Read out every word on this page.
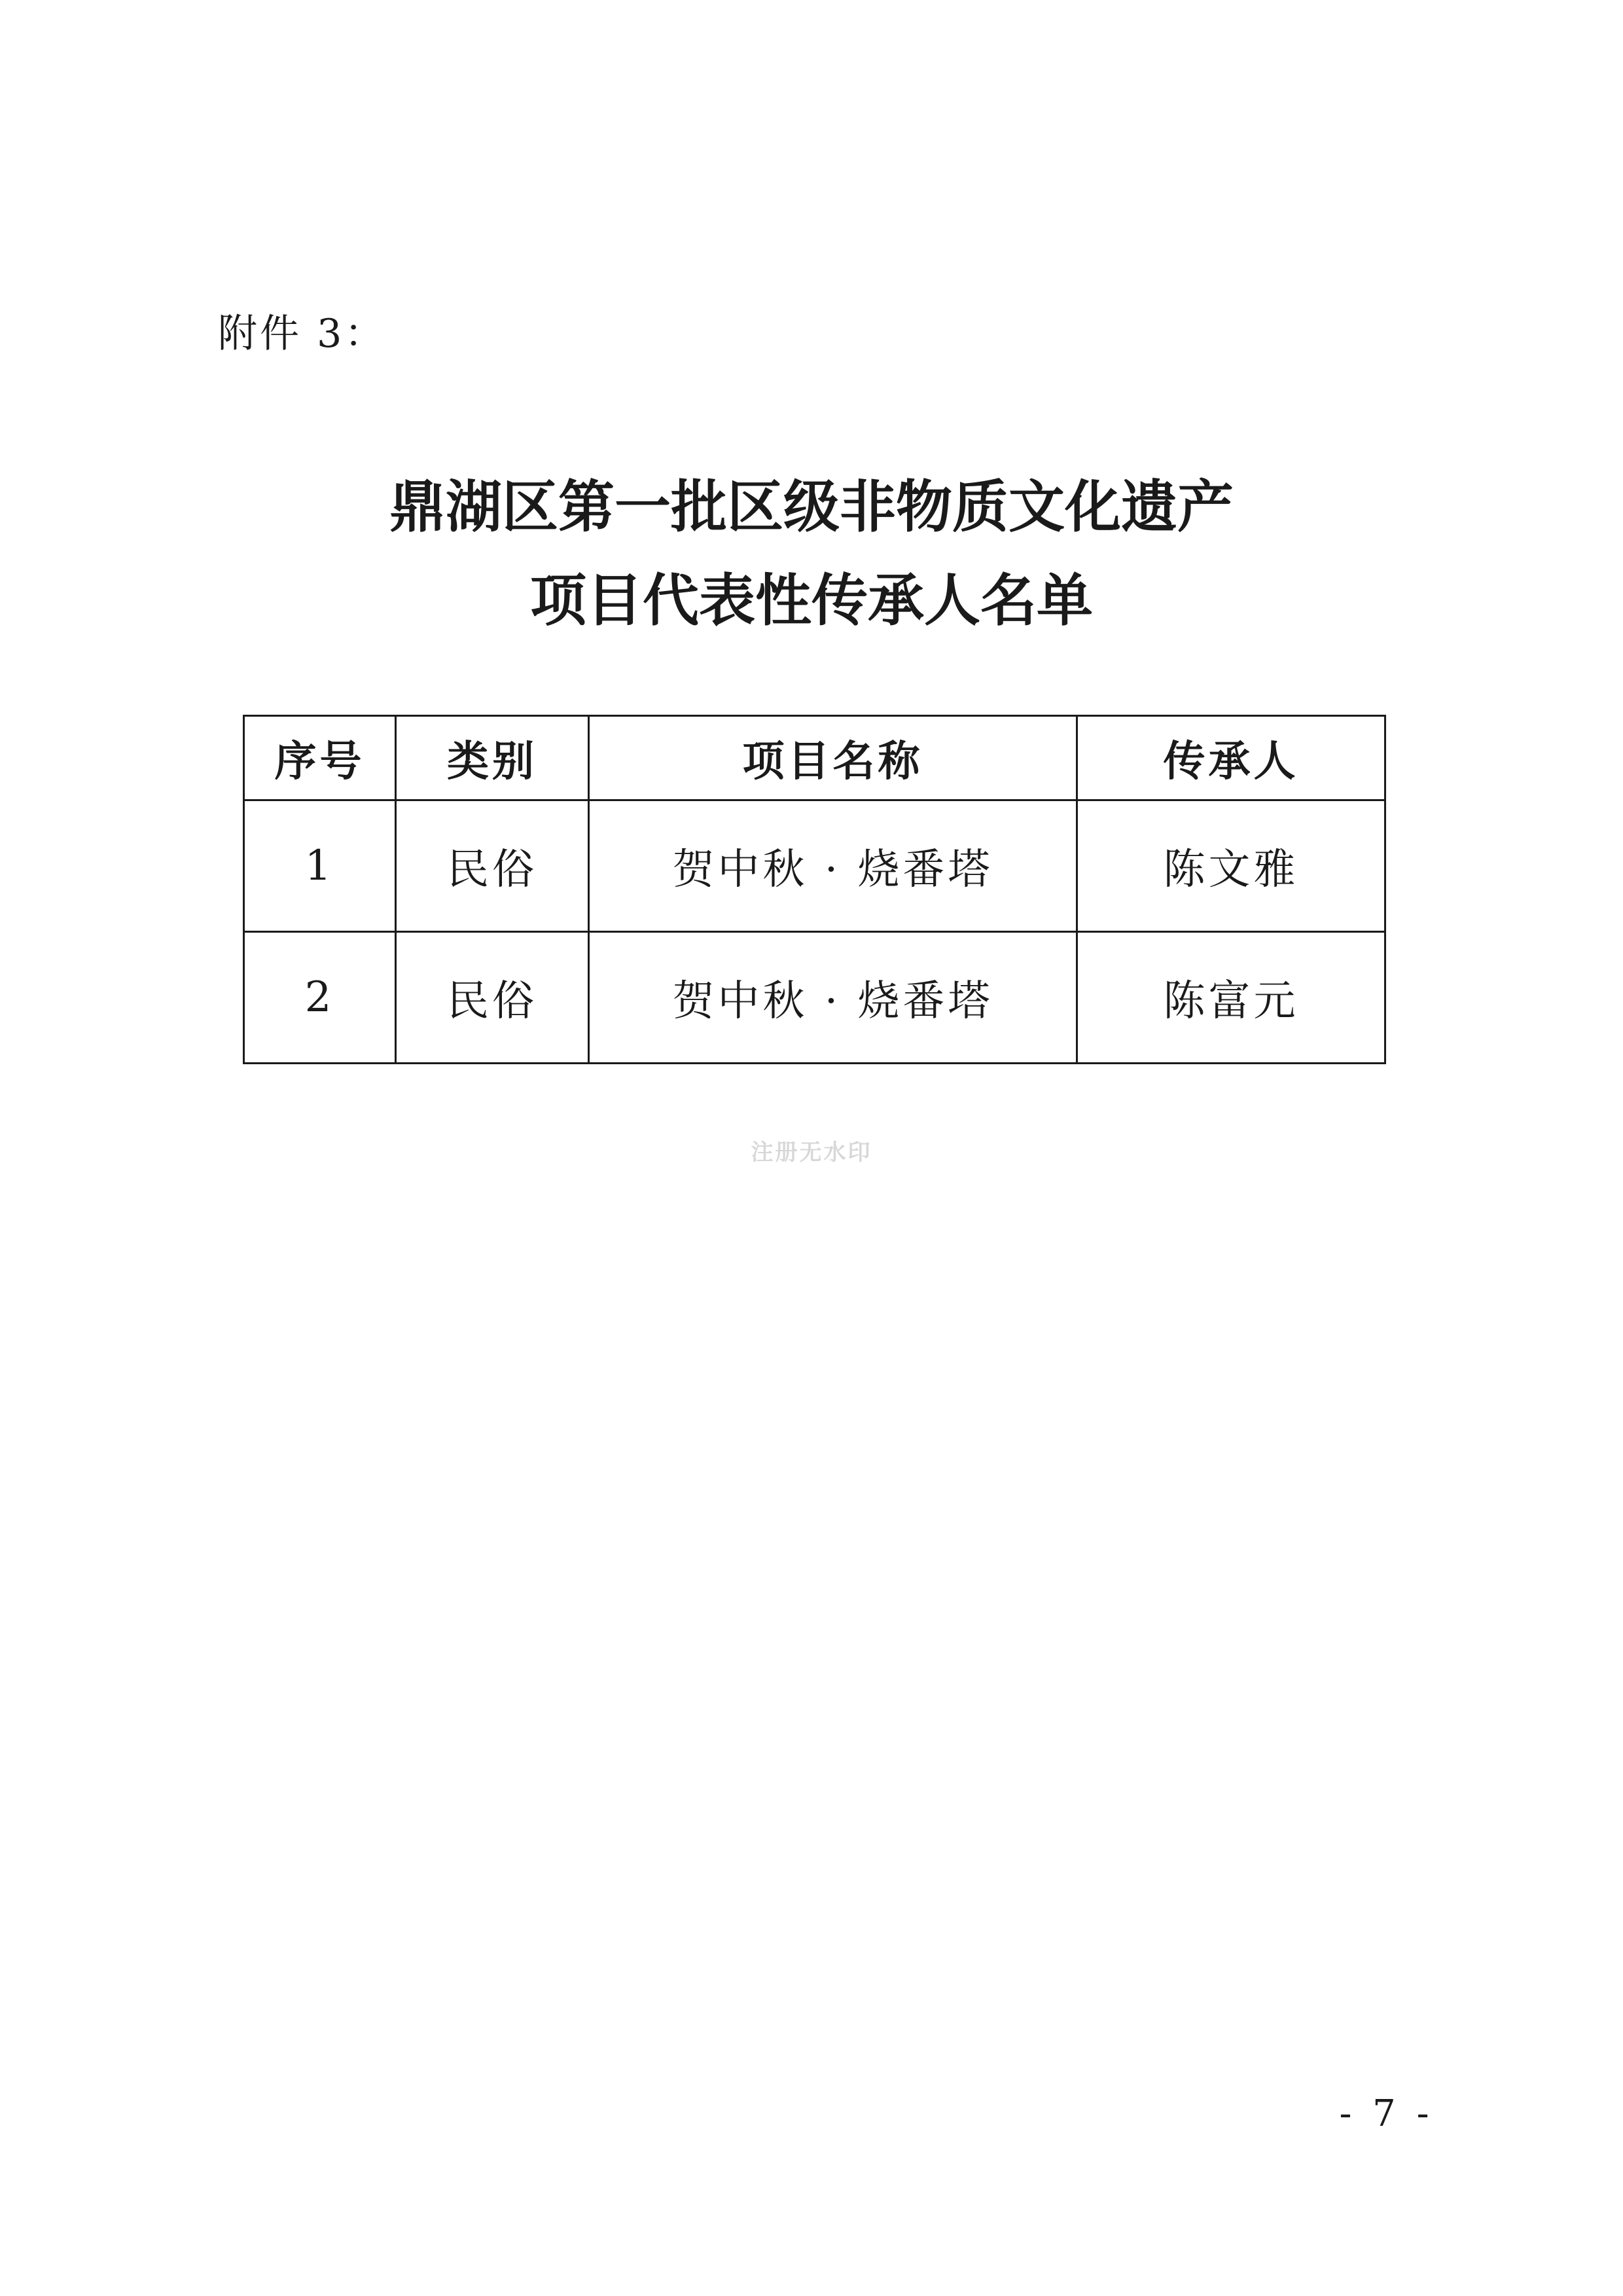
附件 3：
鼎湖区第一批区级非物质文化遗产
项目代表性传承人名单
序号	类别	项目名称	传承人
1	民俗	贺中秋 · 烧番塔	陈文雅
2	民俗	贺中秋 · 烧番塔	陈富元
注册无水印
- 7 -
